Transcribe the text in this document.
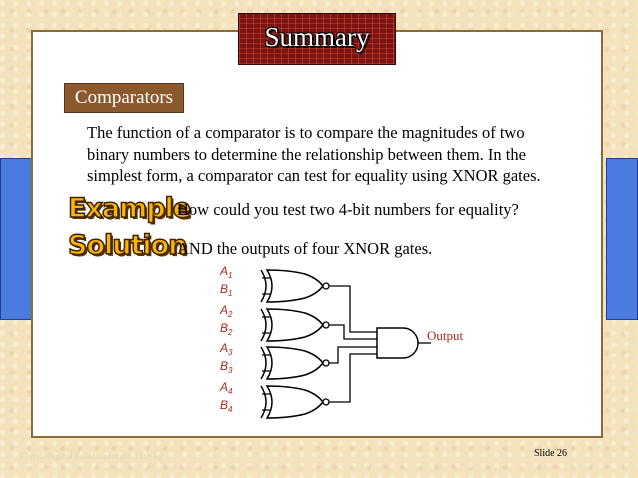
Summary
Comparators
The function of a comparator is to compare the magnitudes of two
binary numbers to determine the relationship between them. In the
simplest form, a comparator can test for equality using XNOR gates.
Example
Solution
How could you test two 4-bit numbers for equality?
AND the outputs of four XNOR gates.
$A_1$
$B_1$
$A_2$
$B_2$
$A_3$
$B_3$
$A_4$
$B_4$
Output
Floyd, Digital Fundamentals, 10th ed	Slide 26
